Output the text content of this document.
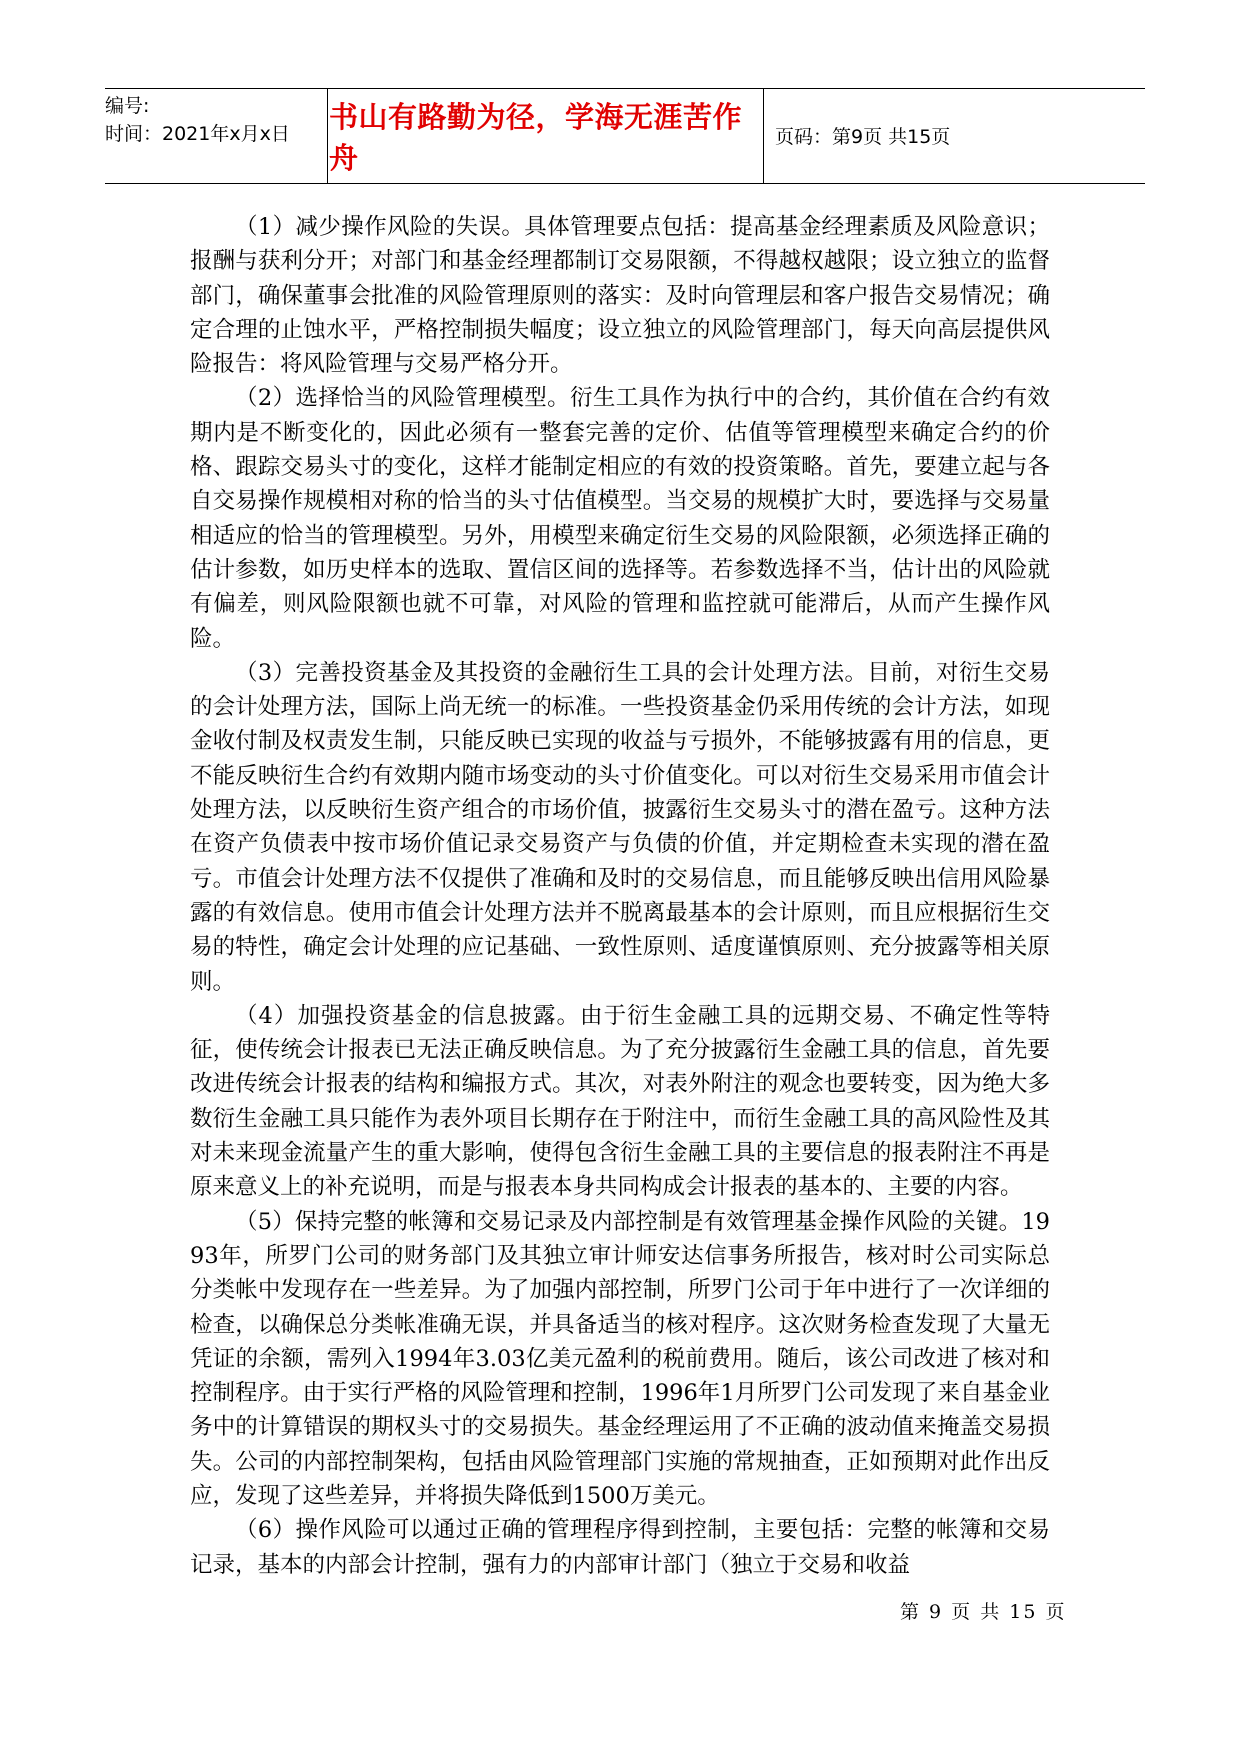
编号:
时间：2021年x月x日
书山有路勤为径，学海无涯苦作舟
页码：第9页 共15页

（1）减少操作风险的失误。具体管理要点包括：提高基金经理素质及风险意识；报酬与获利分开；对部门和基金经理都制订交易限额，不得越权越限；设立独立的监督部门，确保董事会批准的风险管理原则的落实：及时向管理层和客户报告交易情况；确定合理的止蚀水平，严格控制损失幅度；设立独立的风险管理部门，每天向高层提供风险报告：将风险管理与交易严格分开。

（2）选择恰当的风险管理模型。衍生工具作为执行中的合约，其价值在合约有效期内是不断变化的，因此必须有一整套完善的定价、估值等管理模型来确定合约的价格、跟踪交易头寸的变化，这样才能制定相应的有效的投资策略。首先，要建立起与各自交易操作规模相对称的恰当的头寸估值模型。当交易的规模扩大时，要选择与交易量相适应的恰当的管理模型。另外，用模型来确定衍生交易的风险限额，必须选择正确的估计参数，如历史样本的选取、置信区间的选择等。若参数选择不当，估计出的风险就有偏差，则风险限额也就不可靠，对风险的管理和监控就可能滞后，从而产生操作风险。

（3）完善投资基金及其投资的金融衍生工具的会计处理方法。目前，对衍生交易的会计处理方法，国际上尚无统一的标准。一些投资基金仍采用传统的会计方法，如现金收付制及权责发生制，只能反映已实现的收益与亏损外，不能够披露有用的信息，更不能反映衍生合约有效期内随市场变动的头寸价值变化。可以对衍生交易采用市值会计处理方法，以反映衍生资产组合的市场价值，披露衍生交易头寸的潜在盈亏。这种方法在资产负债表中按市场价值记录交易资产与负债的价值，并定期检查未实现的潜在盈亏。市值会计处理方法不仅提供了准确和及时的交易信息，而且能够反映出信用风险暴露的有效信息。使用市值会计处理方法并不脱离最基本的会计原则，而且应根据衍生交易的特性，确定会计处理的应记基础、一致性原则、适度谨慎原则、充分披露等相关原则。

（4）加强投资基金的信息披露。由于衍生金融工具的远期交易、不确定性等特征，使传统会计报表已无法正确反映信息。为了充分披露衍生金融工具的信息，首先要改进传统会计报表的结构和编报方式。其次，对表外附注的观念也要转变，因为绝大多数衍生金融工具只能作为表外项目长期存在于附注中，而衍生金融工具的高风险性及其对未来现金流量产生的重大影响，使得包含衍生金融工具的主要信息的报表附注不再是原来意义上的补充说明，而是与报表本身共同构成会计报表的基本的、主要的内容。

（5）保持完整的帐簿和交易记录及内部控制是有效管理基金操作风险的关键。1993年，所罗门公司的财务部门及其独立审计师安达信事务所报告，核对时公司实际总分类帐中发现存在一些差异。为了加强内部控制，所罗门公司于年中进行了一次详细的检查，以确保总分类帐准确无误，并具备适当的核对程序。这次财务检查发现了大量无凭证的余额，需列入1994年3.03亿美元盈利的税前费用。随后，该公司改进了核对和控制程序。由于实行严格的风险管理和控制，1996年1月所罗门公司发现了来自基金业务中的计算错误的期权头寸的交易损失。基金经理运用了不正确的波动值来掩盖交易损失。公司的内部控制架构，包括由风险管理部门实施的常规抽查，正如预期对此作出反应，发现了这些差异，并将损失降低到1500万美元。

（6）操作风险可以通过正确的管理程序得到控制，主要包括：完整的帐簿和交易记录，基本的内部会计控制，强有力的内部审计部门（独立于交易和收益

第 9 页 共 15 页
